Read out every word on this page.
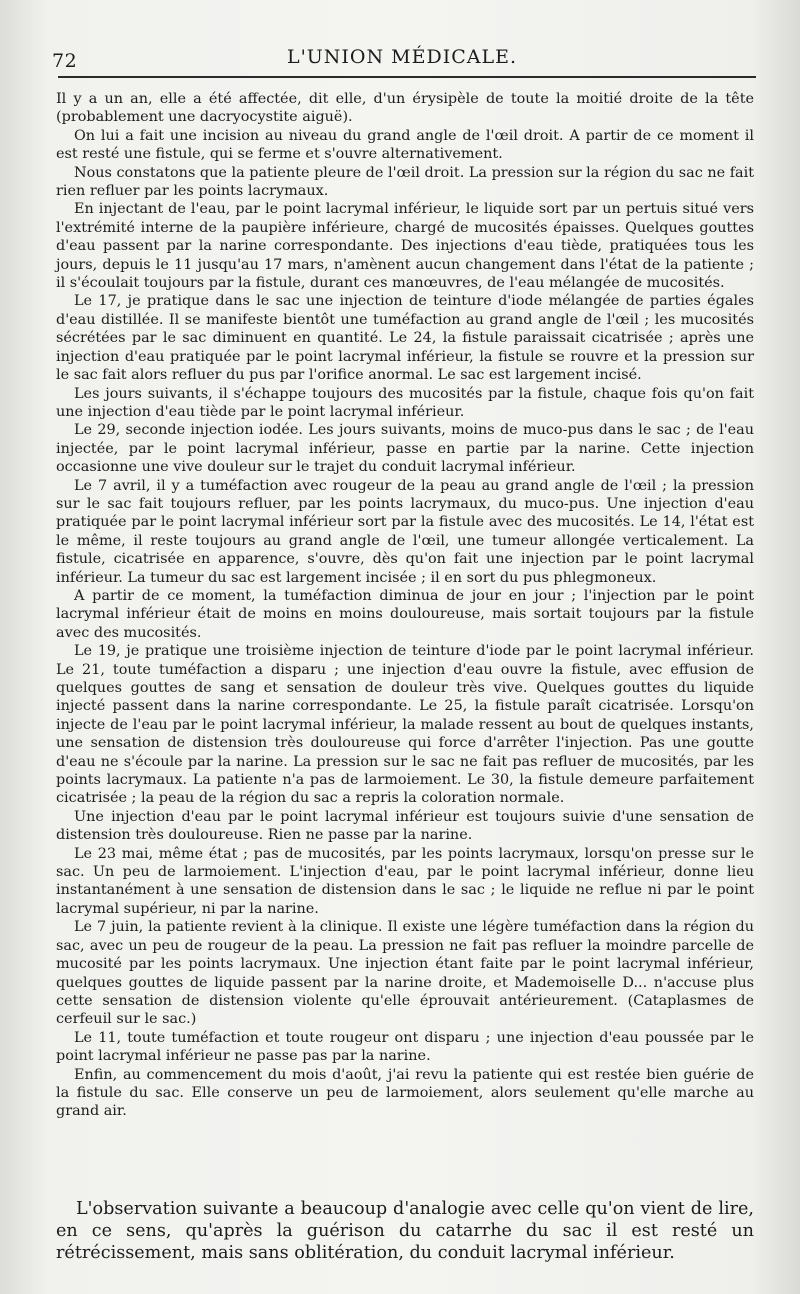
72	L'UNION MÉDICALE.

Il y a un an, elle a été affectée, dit elle, d'un érysipèle de toute la moitié droite de la tête (probablement une dacryocystite aiguë).

On lui a fait une incision au niveau du grand angle de l'œil droit. A partir de ce moment il est resté une fistule, qui se ferme et s'ouvre alternativement.

Nous constatons que la patiente pleure de l'œil droit. La pression sur la région du sac ne fait rien refluer par les points lacrymaux.

En injectant de l'eau, par le point lacrymal inférieur, le liquide sort par un pertuis situé vers l'extrémité interne de la paupière inférieure, chargé de mucosités épaisses. Quelques gouttes d'eau passent par la narine correspondante. Des injections d'eau tiède, pratiquées tous les jours, depuis le 11 jusqu'au 17 mars, n'amènent aucun changement dans l'état de la patiente ; il s'écoulait toujours par la fistule, durant ces manœuvres, de l'eau mélangée de mucosités.

Le 17, je pratique dans le sac une injection de teinture d'iode mélangée de parties égales d'eau distillée. Il se manifeste bientôt une tuméfaction au grand angle de l'œil ; les mucosités sécrétées par le sac diminuent en quantité. Le 24, la fistule paraissait cicatrisée ; après une injection d'eau pratiquée par le point lacrymal inférieur, la fistule se rouvre et la pression sur le sac fait alors refluer du pus par l'orifice anormal. Le sac est largement incisé.

Les jours suivants, il s'échappe toujours des mucosités par la fistule, chaque fois qu'on fait une injection d'eau tiède par le point lacrymal inférieur.

Le 29, seconde injection iodée. Les jours suivants, moins de muco-pus dans le sac ; de l'eau injectée, par le point lacrymal inférieur, passe en partie par la narine. Cette injection occasionne une vive douleur sur le trajet du conduit lacrymal inférieur.

Le 7 avril, il y a tuméfaction avec rougeur de la peau au grand angle de l'œil ; la pression sur le sac fait toujours refluer, par les points lacrymaux, du muco-pus. Une injection d'eau pratiquée par le point lacrymal inférieur sort par la fistule avec des mucosités. Le 14, l'état est le même, il reste toujours au grand angle de l'œil, une tumeur allongée verticalement. La fistule, cicatrisée en apparence, s'ouvre, dès qu'on fait une injection par le point lacrymal inférieur. La tumeur du sac est largement incisée ; il en sort du pus phlegmoneux.

A partir de ce moment, la tuméfaction diminua de jour en jour ; l'injection par le point lacrymal inférieur était de moins en moins douloureuse, mais sortait toujours par la fistule avec des mucosités.

Le 19, je pratique une troisième injection de teinture d'iode par le point lacrymal inférieur. Le 21, toute tuméfaction a disparu ; une injection d'eau ouvre la fistule, avec effusion de quelques gouttes de sang et sensation de douleur très vive. Quelques gouttes du liquide injecté passent dans la narine correspondante. Le 25, la fistule paraît cicatrisée. Lorsqu'on injecte de l'eau par le point lacrymal inférieur, la malade ressent au bout de quelques instants, une sensation de distension très douloureuse qui force d'arrêter l'injection. Pas une goutte d'eau ne s'écoule par la narine. La pression sur le sac ne fait pas refluer de mucosités, par les points lacrymaux. La patiente n'a pas de larmoiement. Le 30, la fistule demeure parfaitement cicatrisée ; la peau de la région du sac a repris la coloration normale.

Une injection d'eau par le point lacrymal inférieur est toujours suivie d'une sensation de distension très douloureuse. Rien ne passe par la narine.

Le 23 mai, même état ; pas de mucosités, par les points lacrymaux, lorsqu'on presse sur le sac. Un peu de larmoiement. L'injection d'eau, par le point lacrymal inférieur, donne lieu instantanément à une sensation de distension dans le sac ; le liquide ne reflue ni par le point lacrymal supérieur, ni par la narine.

Le 7 juin, la patiente revient à la clinique. Il existe une légère tuméfaction dans la région du sac, avec un peu de rougeur de la peau. La pression ne fait pas refluer la moindre parcelle de mucosité par les points lacrymaux. Une injection étant faite par le point lacrymal inférieur, quelques gouttes de liquide passent par la narine droite, et Mademoiselle D... n'accuse plus cette sensation de distension violente qu'elle éprouvait antérieurement. (Cataplasmes de cerfeuil sur le sac.)

Le 11, toute tuméfaction et toute rougeur ont disparu ; une injection d'eau poussée par le point lacrymal inférieur ne passe pas par la narine.

Enfin, au commencement du mois d'août, j'ai revu la patiente qui est restée bien guérie de la fistule du sac. Elle conserve un peu de larmoiement, alors seulement qu'elle marche au grand air.

L'observation suivante a beaucoup d'analogie avec celle qu'on vient de lire, en ce sens, qu'après la guérison du catarrhe du sac il est resté un rétrécissement, mais sans oblitération, du conduit lacrymal inférieur.
